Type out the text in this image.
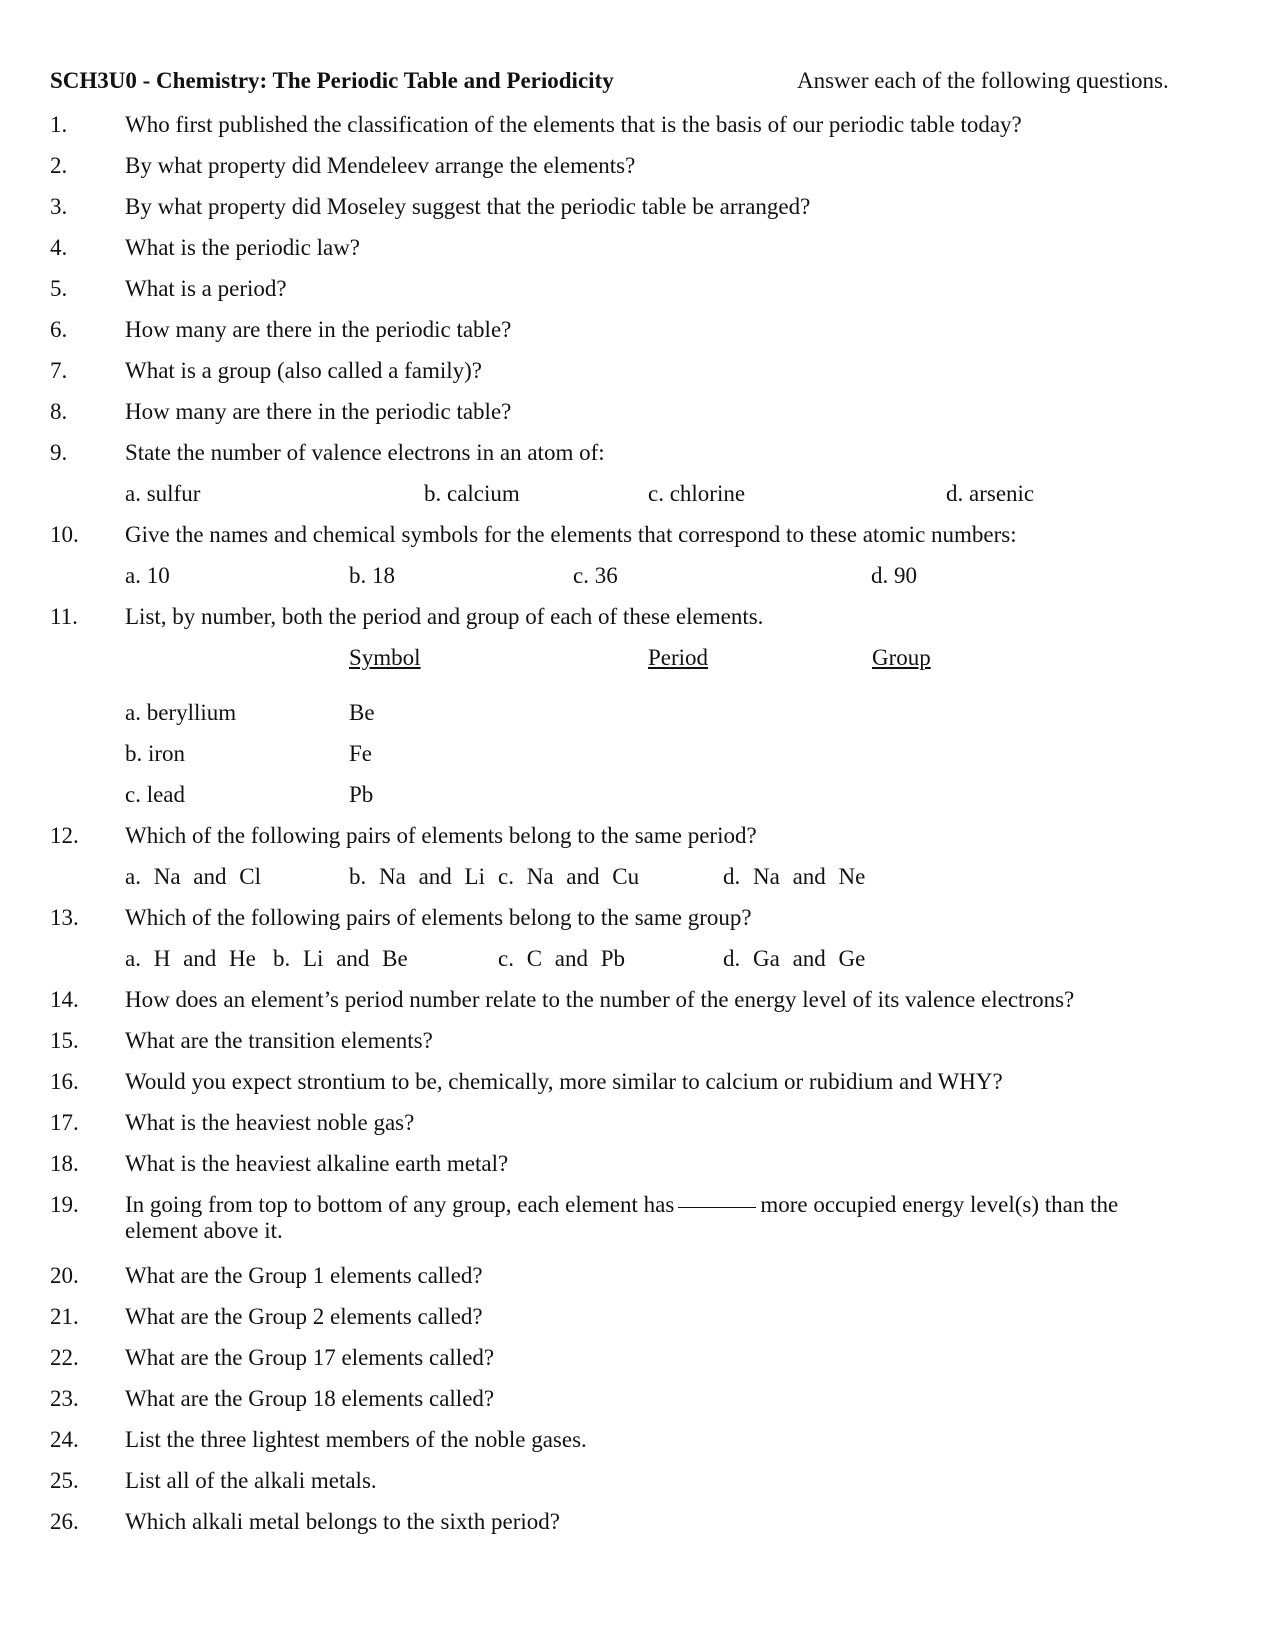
SCH3U0 - Chemistry: The Periodic Table and Periodicity	Answer each of the following questions.
1.	Who first published the classification of the elements that is the basis of our periodic table today?
2.	By what property did Mendeleev arrange the elements?
3.	By what property did Moseley suggest that the periodic table be arranged?
4.	What is the periodic law?
5.	What is a period?
6.	How many are there in the periodic table?
7.	What is a group (also called a family)?
8.	How many are there in the periodic table?
9.	State the number of valence electrons in an atom of:
a. sulfur	b. calcium	c. chlorine	d. arsenic
10. Give the names and chemical symbols for the elements that correspond to these atomic numbers:
a. 10	b. 18	c. 36	d. 90
11. List, by number, both the period and group of each of these elements.
Symbol	Period	Group
a. beryllium	Be
b. iron	Fe
c. lead	Pb
12. Which of the following pairs of elements belong to the same period?
a. Na and Cl	b. Na and Li c. Na and Cu	d. Na and Ne
13. Which of the following pairs of elements belong to the same group?
a. H and He b. Li and Be	c. C and Pb	d. Ga and Ge
14. How does an element’s period number relate to the number of the energy level of its valence electrons?
15. What are the transition elements?
16. Would you expect strontium to be, chemically, more similar to calcium or rubidium and WHY?
17. What is the heaviest noble gas?
18. What is the heaviest alkaline earth metal?
19. In going from top to bottom of any group, each element has	more occupied energy level(s) than the
element above it.
20. What are the Group 1 elements called?
21. What are the Group 2 elements called?
22. What are the Group 17 elements called?
23. What are the Group 18 elements called?
24. List the three lightest members of the noble gases.
25. List all of the alkali metals.
26. Which alkali metal belongs to the sixth period?
